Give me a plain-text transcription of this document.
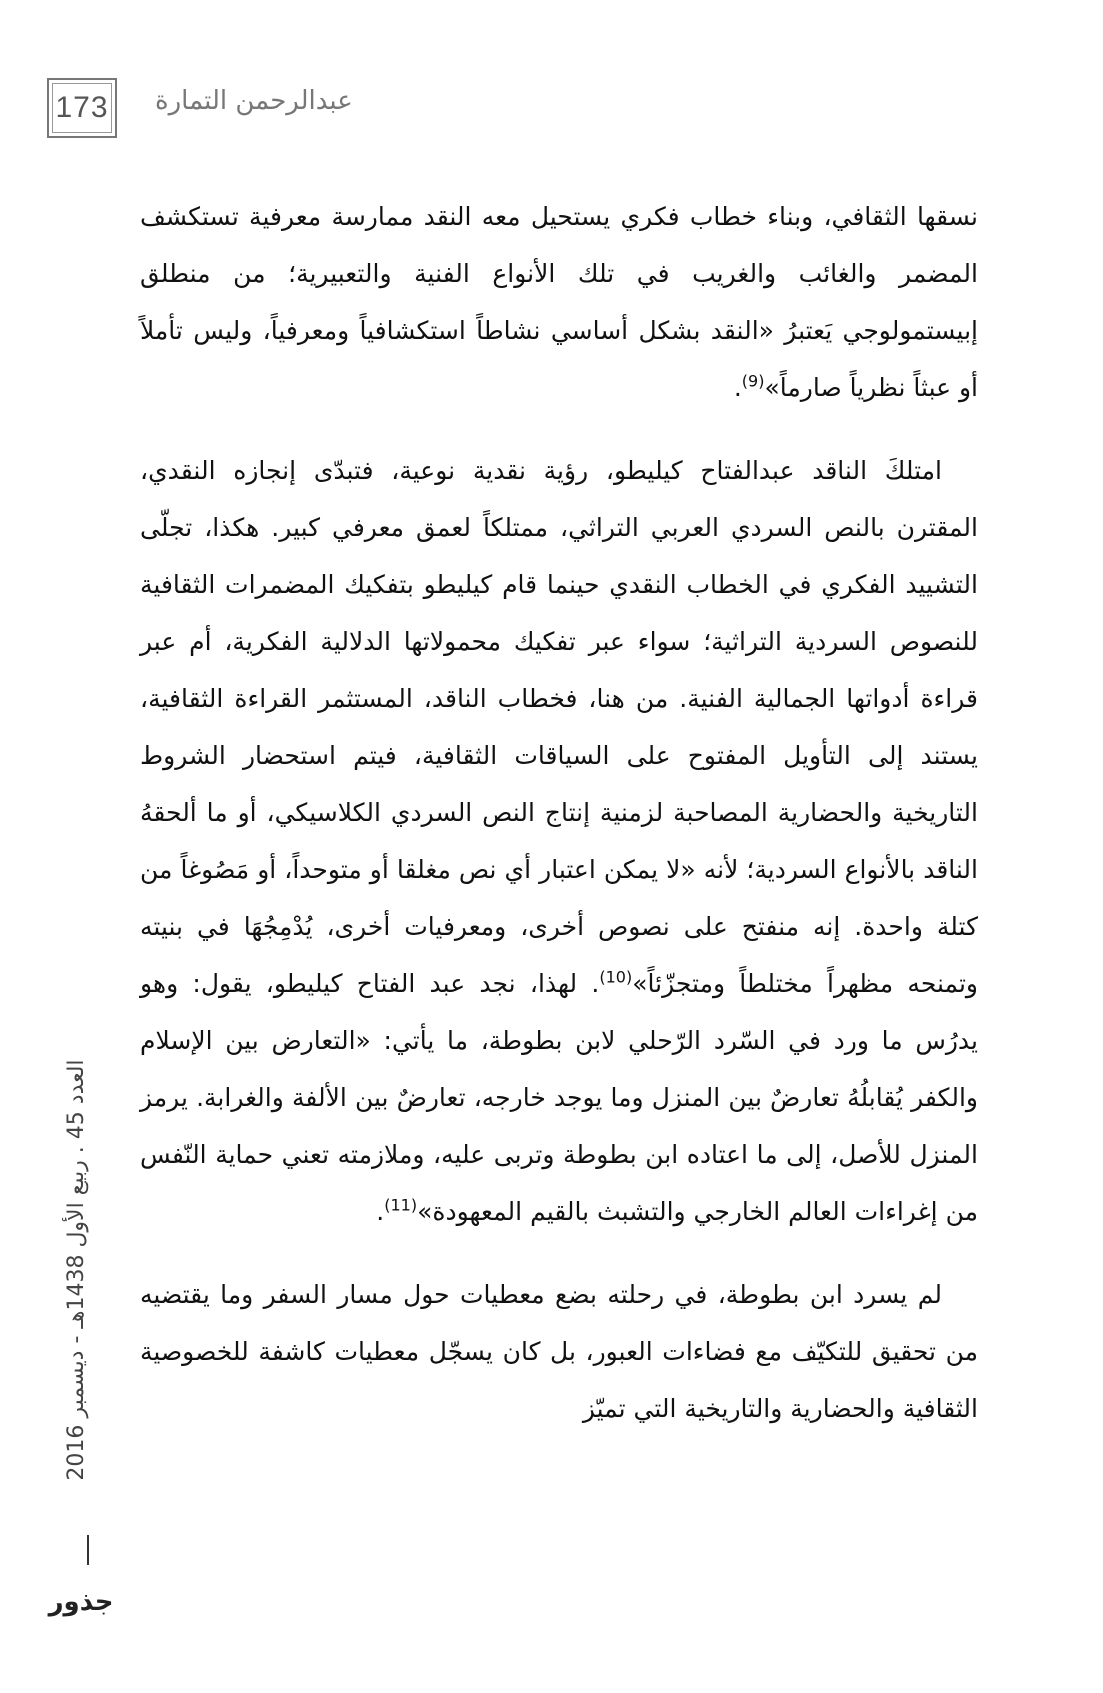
173	عبدالرحمن التمارة

نسقها الثقافي، وبناء خطاب فكري يستحيل معه النقد ممارسة معرفية تستكشف المضمر والغائب والغريب في تلك الأنواع الفنية والتعبيرية؛ من منطلق إبيستمولوجي يَعتبرُ «النقد بشكل أساسي نشاطاً استكشافياً ومعرفياً، وليس تأملاً أو عبثاً نظرياً صارماً»$^{(9)}$.

امتلكَ الناقد عبدالفتاح كيليطو، رؤية نقدية نوعية، فتبدّى إنجازه النقدي، المقترن بالنص السردي العربي التراثي، ممتلكاً لعمق معرفي كبير. هكذا، تجلّى التشييد الفكري في الخطاب النقدي حينما قام كيليطو بتفكيك المضمرات الثقافية للنصوص السردية التراثية؛ سواء عبر تفكيك محمولاتها الدلالية الفكرية، أم عبر قراءة أدواتها الجمالية الفنية. من هنا، فخطاب الناقد، المستثمر القراءة الثقافية، يستند إلى التأويل المفتوح على السياقات الثقافية، فيتم استحضار الشروط التاريخية والحضارية المصاحبة لزمنية إنتاج النص السردي الكلاسيكي، أو ما ألحقهُ الناقد بالأنواع السردية؛ لأنه «لا يمكن اعتبار أي نص مغلقا أو متوحداً، أو مَصُوغاً من كتلة واحدة. إنه منفتح على نصوص أخرى، ومعرفيات أخرى، يُدْمِجُهَا في بنيته وتمنحه مظهراً مختلطاً ومتجزّئاً»$^{(10)}$. لهذا، نجد عبد الفتاح كيليطو، يقول: وهو يدرُس ما ورد في السّرد الرّحلي لابن بطوطة، ما يأتي: «التعارض بين الإسلام والكفر يُقابلُهُ تعارضٌ بين المنزل وما يوجد خارجه، تعارضٌ بين الألفة والغرابة. يرمز المنزل للأصل، إلى ما اعتاده ابن بطوطة وتربى عليه، وملازمته تعني حماية النّفس من إغراءات العالم الخارجي والتشبث بالقيم المعهودة»$^{(11)}$.

لم يسرد ابن بطوطة، في رحلته بضع معطيات حول مسار السفر وما يقتضيه من تحقيق للتكيّف مع فضاءات العبور، بل كان يسجّل معطيات كاشفة للخصوصية الثقافية والحضارية والتاريخية التي تميّز

العدد 45 . ربيع الأول 1438هـ - ديسمبر 2016
جذور
